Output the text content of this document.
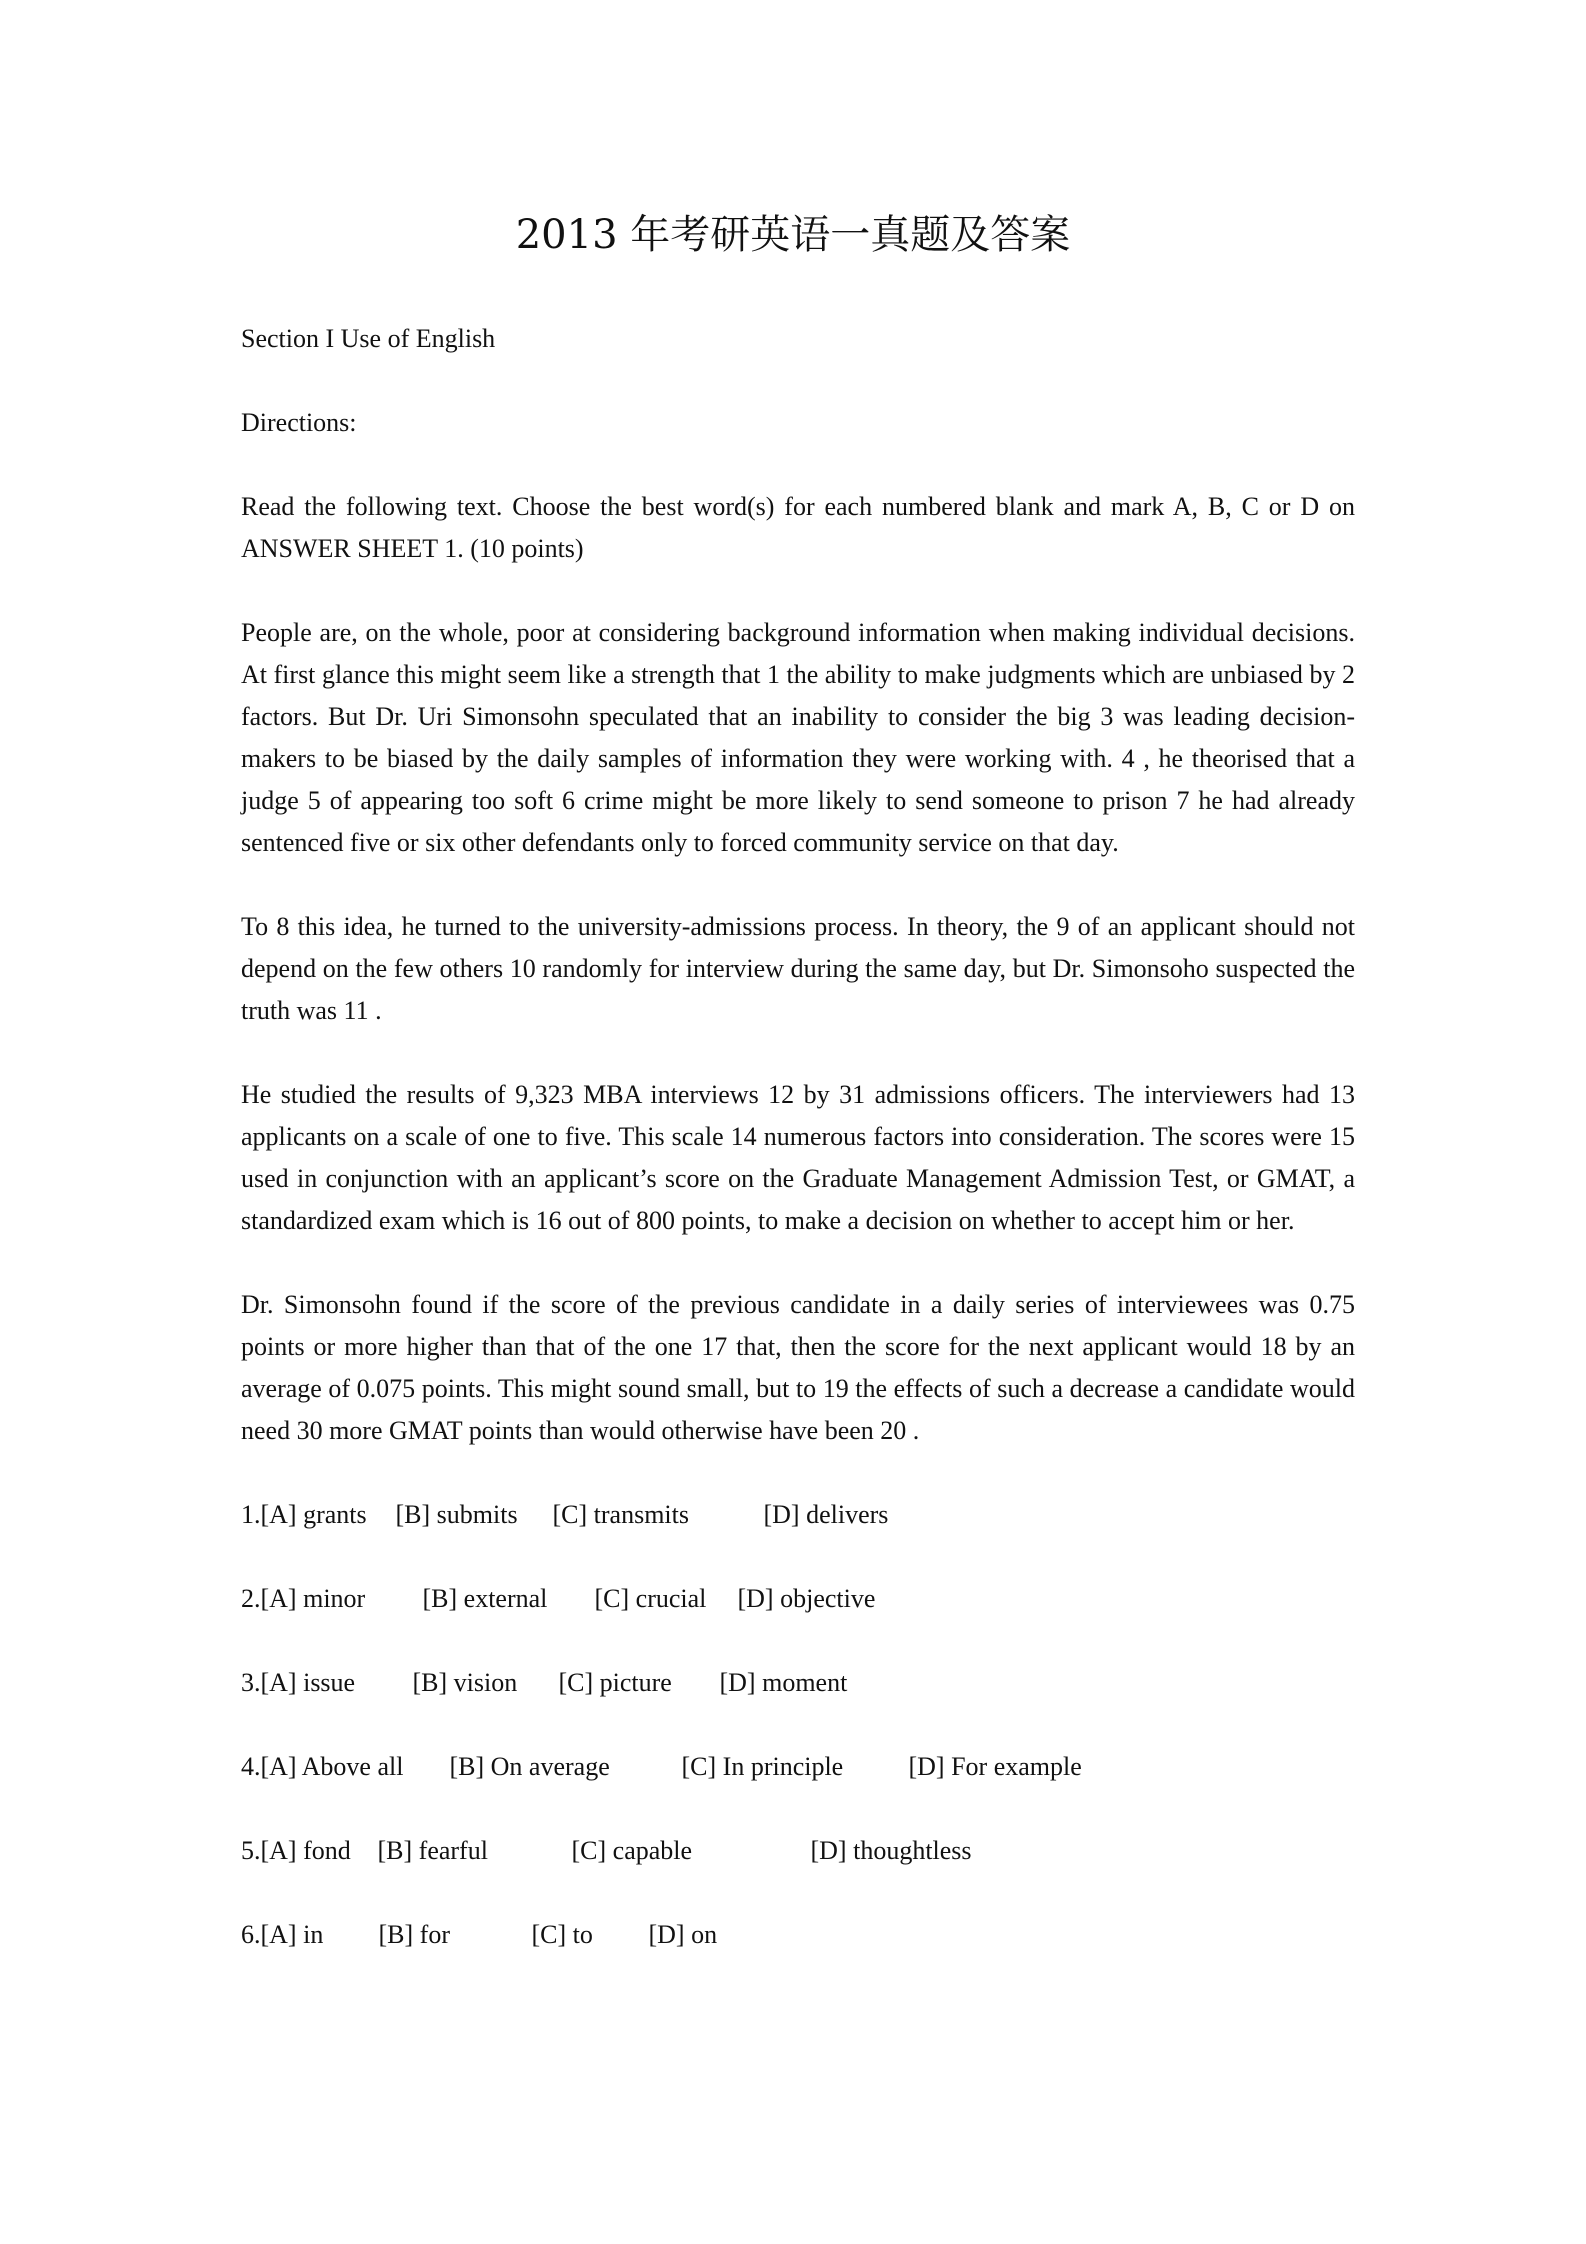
2013 年考研英语一真题及答案

Section I Use of English

Directions:

Read the following text. Choose the best word(s) for each numbered blank and mark A, B, C or D on ANSWER SHEET 1. (10 points)

People are, on the whole, poor at considering background information when making individual decisions. At first glance this might seem like a strength that 1 the ability to make judgments which are unbiased by 2 factors. But Dr. Uri Simonsohn speculated that an inability to consider the big 3 was leading decision-makers to be biased by the daily samples of information they were working with. 4 , he theorised that a judge 5 of appearing too soft 6 crime might be more likely to send someone to prison 7 he had already sentenced five or six other defendants only to forced community service on that day.

To 8 this idea, he turned to the university-admissions process. In theory, the 9 of an applicant should not depend on the few others 10 randomly for interview during the same day, but Dr. Simonsoho suspected the truth was 11 .

He studied the results of 9,323 MBA interviews 12 by 31 admissions officers. The interviewers had 13 applicants on a scale of one to five. This scale 14 numerous factors into consideration. The scores were 15 used in conjunction with an applicant’s score on the Graduate Management Admission Test, or GMAT, a standardized exam which is 16 out of 800 points, to make a decision on whether to accept him or her.

Dr. Simonsohn found if the score of the previous candidate in a daily series of interviewees was 0.75 points or more higher than that of the one 17 that, then the score for the next applicant would 18 by an average of 0.075 points. This might sound small, but to 19 the effects of such a decrease a candidate would need 30 more GMAT points than would otherwise have been 20 .

1. [A] grants	[B] submits	[C] transmits	[D] delivers
2. [A] minor	[B] external	[C] crucial	[D] objective
3. [A] issue	[B] vision	[C] picture	[D] moment
4. [A] Above all	[B] On average	[C] In principle	[D] For example
5. [A] fond	[B] fearful	[C] capable	[D] thoughtless
6. [A] in	[B] for	[C] to	[D] on
